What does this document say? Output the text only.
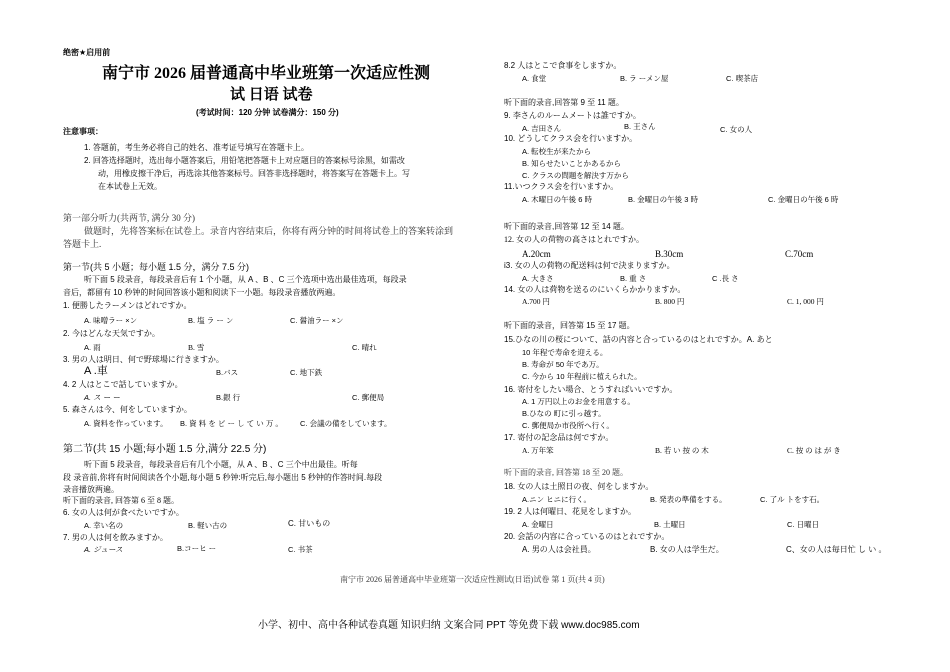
绝密★启用前
南宁市 2026 届普通高中毕业班第一次适应性测
试 日语 试卷
(考试时间：120 分钟 试卷满分：150 分)
注意事项：
1. 答题前，考生务必将自己的姓名、准考证号填写在答题卡上。
2. 回答选择题时，选出每小题答案后，用铅笔把答题卡上对应题目的答案标号涂黑，如需改
动，用橡皮擦干净后，再选涂其他答案标号。回答非选择题时，将答案写在答题卡上。写
在本试卷上无效。
第一部分听力(共两节, 满分 30 分)
做题时，先将答案标在试卷上。录音内容结束后，你将有两分钟的时间将试卷上的答案转涂到
答题卡上.
第一节(共 5 小题；每小题 1.5 分，满分 7.5 分)
听下面 5 段录音，每段录音后有 1 个小题，从 A 、B 、C 三个选项中选出最佳选项，每段录
音后，都留有 10 秒钟的时间回答该小题和阅读下一小题。每段录音播放两遍。
1. 便勝したラーメンはどれですか。
A. 味噌ラー ×ン	B. 塩 ラ ー ン	C. 醤油ラー ×ン
2. 今はどんな天気ですか。
A. 雨	B. 雪	C. 晴れ
3. 男の人は明日、何で野球場に行きますか。
A .車	B.バス	C. 地下鉄
4. 2 人はとこで話していますか。
A. ス ー ー	B.銀 行	C. 郵便局
5. 森さんは今、何をしていますか。
A. 資料を作っています。 B. 資 料 を ビ ー し て い 万 。 C. 会議の備をしています。
第二节(共 15 小题;每小题 1.5 分,满分 22.5 分)
听下面 5 段录音，每段录音后有几个小题，从 A 、B 、C 三个中出最佳。听每
段 录音前,你将有时间阅读各个小题,每小题 5 秒钟:听完后,每小题出 5 秒钟的作答时间.每段
录音播放两遍。
听下面的录音, 回答第 6 至 8 题。
6. 女の人は何が食べたいですか。
A. 幸い名の	B. 軽い古の	C. 甘いもの
7. 男の人は何を飲みますか。
A. ジュース	B.コーヒ ー	C. 书茶
8.2 人はとこで食事をしますか。
A. 食堂	B. ラ ーメン屋	C. 喫茶店
听下面的录音,回答第 9 至 11 题。
9. 李さんのルームメートは誰ですか。
A. 吉田さん	B. 王さん	C. 女の人
10. どうしてクラス会を行いますか。
A. 転校生が来たから
B. 知らせたいことかあるから
C. クラスの問題を解決す万から
11.いつクラス会を行いますか。
A. 木曜日の午後 6 時	B. 金曜日の午後 3 時	C. 金曜日の午後 6 時
听下面的录音,回答第 12 至 14 题。
12. 女の人の荷物の高さはとれですか。
A.20cm	B.30cm	C.70cm
i3. 女の人の荷物の配送料は何で決まりますか。
A. 大きさ	B. 重 さ	C .長 さ
14. 女の人は荷物を送るのにいくらかかりますか。
A.700 円	B. 800 円	C. 1, 000 円
听下面的录音，回答第 15 至 17 题。
15.ひなの川の桜について、話の内容と合っているのはとれですか。A. あと
10 年程で寿命を迎える。
B. 寿命が 50 年であ万。
C. 今から 10 年程前に植えられた。
16. 寄付をしたい場合、とうすればいいですか。
A. 1 万円以上のお金を用意する。
B.ひなの 町に引っ越す。
C. 郵便局か市役所へ行く。
17. 寄付の記念品は何ですか。
A. 万年笨	B. 若 い 按 の 木	C. 按 の は が き
听下面的录音, 回答第 18 至 20 题。
18. 女の人は土照日の夜、何をしますか。
A.ニン ヒニに行く。	B. 発表の準備をする。	C. 了ル トをす石。
19. 2 人は何曜日、花見をしますか。
A. 金曜日	B. 土曜日	C. 日曜日
20. 会話の内容に合っているのはとれですか。
A. 男の人は会社員。	B. 女の人は学生だ。	C、女の人は毎日忙 し い 。
南宁市 2026 届普通高中毕业班第一次适应性测试(日语)试卷 第 1 页(共 4 页)
小学、初中、高中各种试卷真题 知识归纳 文案合同 PPT 等免费下载 www.doc985.com
